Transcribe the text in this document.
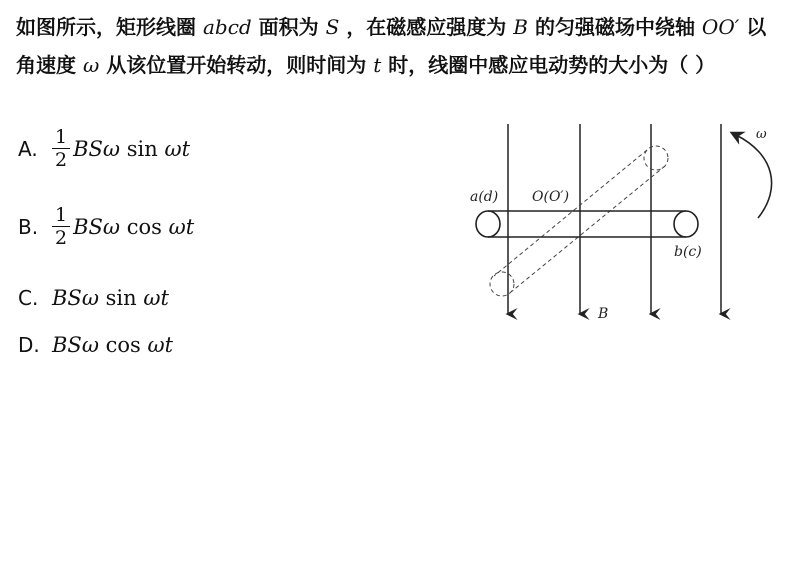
如图所示，矩形线圈 abcd 面积为 S ，在磁感应强度为 B 的匀强磁场中绕轴 OO′ 以角速度 ω 从该位置开始转动，则时间为 t 时，线圈中感应电动势的大小为（ ）
A. $\frac{1}{2}$ BSω sin ωt
B. $\frac{1}{2}$ BSω cos ωt
C. BSω sin ωt
D. BSω cos ωt
a(d) O(O′)
b(c)
B
ω
